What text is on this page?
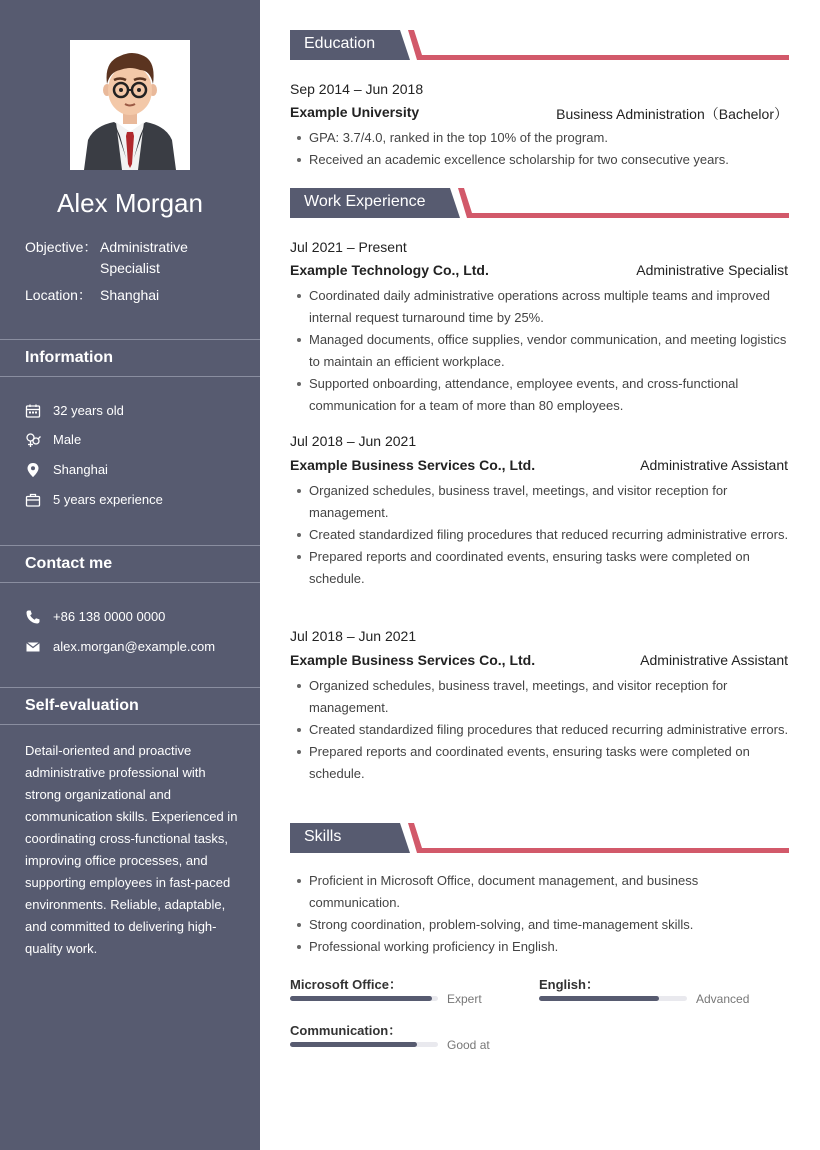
Alex Morgan
Objective： Administrative Specialist
Location： Shanghai
Information
32 years old
Male
Shanghai
5 years experience
Contact me
+86 138 0000 0000
alex.morgan@example.com
Self-evaluation
Detail-oriented and proactive administrative professional with strong organizational and communication skills. Experienced in coordinating cross-functional tasks, improving office processes, and supporting employees in fast-paced environments. Reliable, adaptable, and committed to delivering high-quality work.
Education
Sep 2014 – Jun 2018
Example University	Business Administration（Bachelor）
GPA: 3.7/4.0, ranked in the top 10% of the program.
Received an academic excellence scholarship for two consecutive years.
Work Experience
Jul 2021 – Present
Example Technology Co., Ltd.	Administrative Specialist
Coordinated daily administrative operations across multiple teams and improved internal request turnaround time by 25%.
Managed documents, office supplies, vendor communication, and meeting logistics to maintain an efficient workplace.
Supported onboarding, attendance, employee events, and cross-functional communication for a team of more than 80 employees.
Jul 2018 – Jun 2021
Example Business Services Co., Ltd.	Administrative Assistant
Organized schedules, business travel, meetings, and visitor reception for management.
Created standardized filing procedures that reduced recurring administrative errors.
Prepared reports and coordinated events, ensuring tasks were completed on schedule.
Jul 2018 – Jun 2021
Example Business Services Co., Ltd.	Administrative Assistant
Organized schedules, business travel, meetings, and visitor reception for management.
Created standardized filing procedures that reduced recurring administrative errors.
Prepared reports and coordinated events, ensuring tasks were completed on schedule.
Skills
Proficient in Microsoft Office, document management, and business communication.
Strong coordination, problem-solving, and time-management skills.
Professional working proficiency in English.
Microsoft Office：
Expert
English：
Advanced
Communication：
Good at
